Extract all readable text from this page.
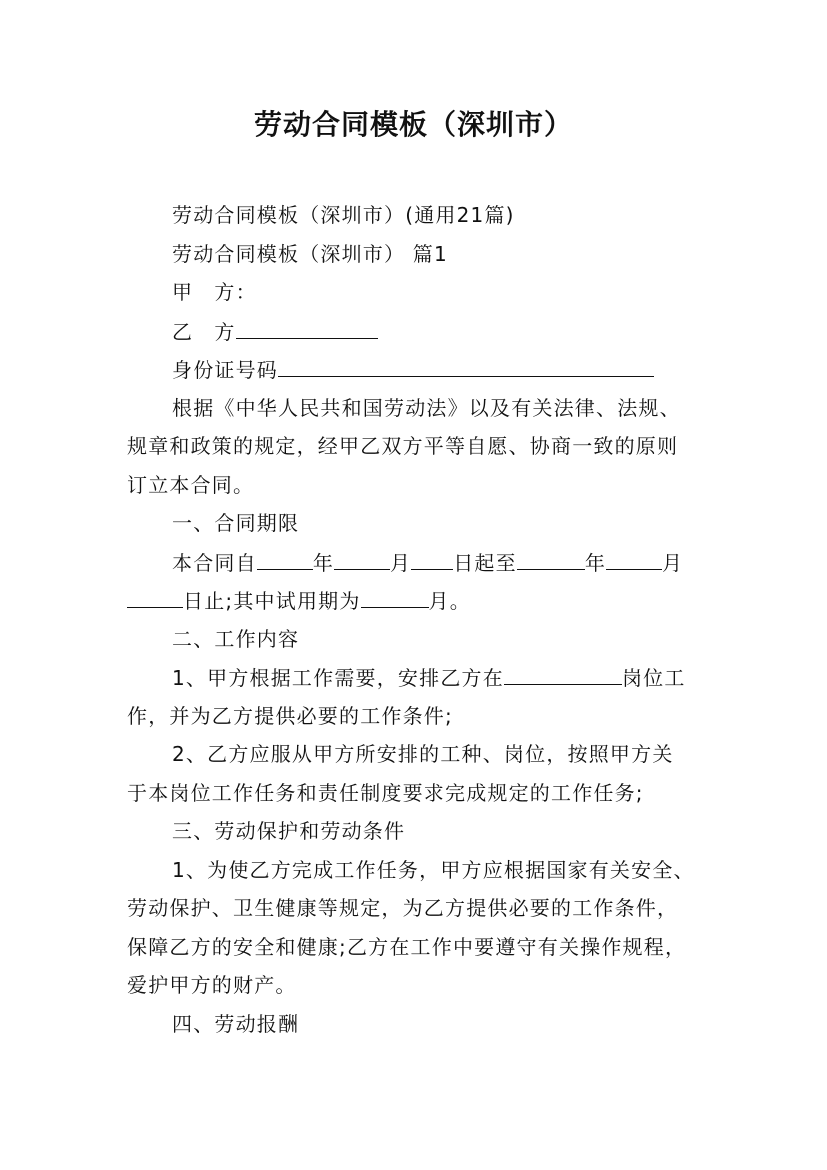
劳动合同模板（深圳市）
劳动合同模板（深圳市）(通用21篇)
劳动合同模板（深圳市） 篇1
甲　方：
乙　方
身份证号码
根据《中华人民共和国劳动法》以及有关法律、法规、
规章和政策的规定，经甲乙双方平等自愿、协商一致的原则
订立本合同。
一、合同期限
本合同自	年	月 日起至	年	月
日止;其中试用期为	月。
二、工作内容
1、甲方根据工作需要，安排乙方在	岗位工
作，并为乙方提供必要的工作条件;
2、乙方应服从甲方所安排的工种、岗位，按照甲方关
于本岗位工作任务和责任制度要求完成规定的工作任务;
三、劳动保护和劳动条件
1、为使乙方完成工作任务，甲方应根据国家有关安全、
劳动保护、卫生健康等规定，为乙方提供必要的工作条件，
保障乙方的安全和健康;乙方在工作中要遵守有关操作规程，
爱护甲方的财产。
四、劳动报酬
